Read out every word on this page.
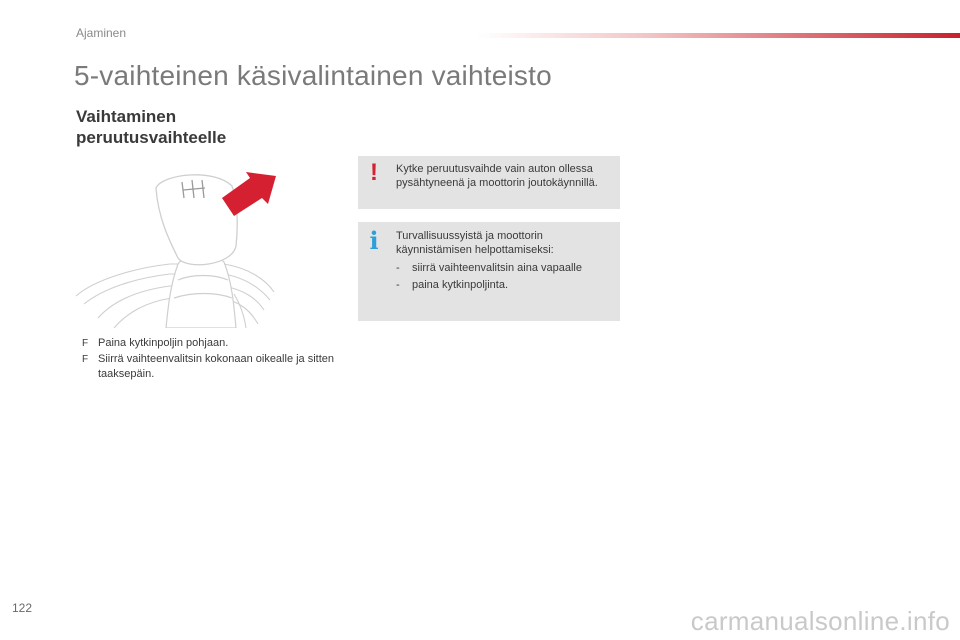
Ajaminen
5-vaihteinen käsivalintainen vaihteisto
Vaihtaminen
peruutusvaihteelle
F Paina kytkinpoljin pohjaan.
F Siirrä vaihteenvalitsin kokonaan oikealle ja sitten taaksepäin.
! Kytke peruutusvaihde vain auton ollessa pysähtyneenä ja moottorin joutokäynnillä.
i Turvallisuussyistä ja moottorin käynnistämisen helpottamiseksi:
- siirrä vaihteenvalitsin aina vapaalle
- paina kytkinpoljinta.
122	carmanualsonline.info
